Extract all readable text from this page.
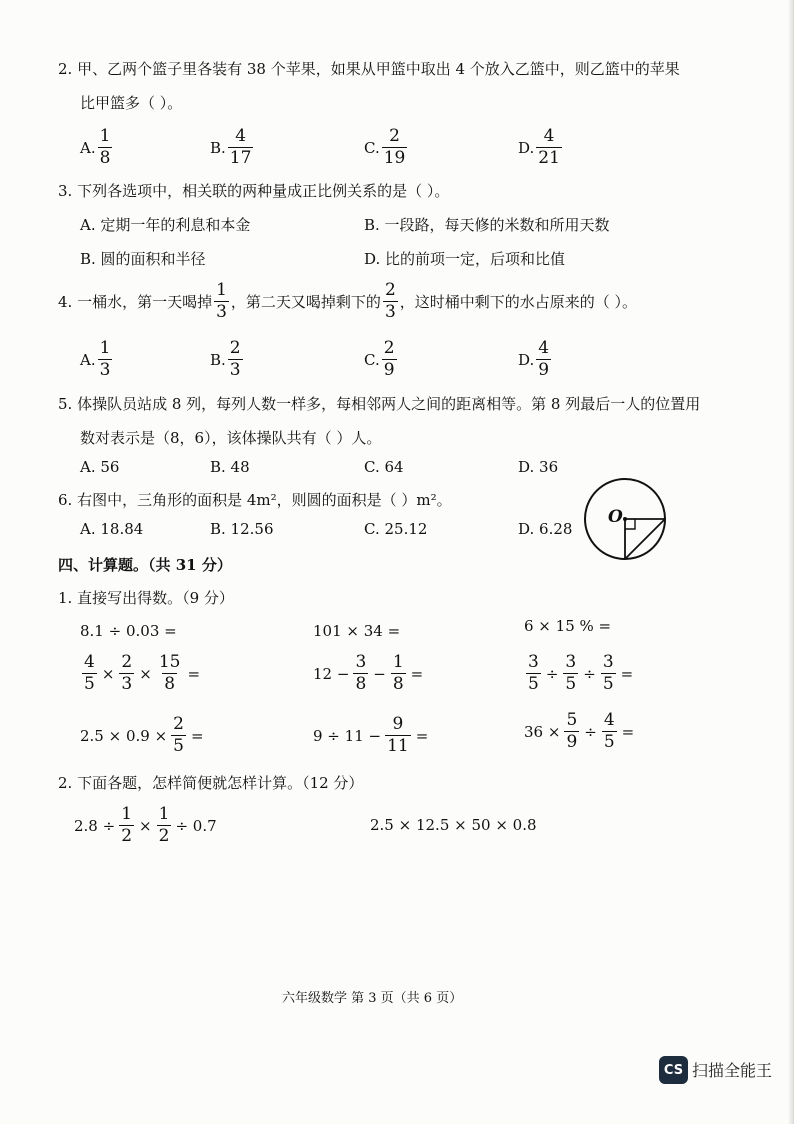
2. 甲、乙两个篮子里各装有 38 个苹果，如果从甲篮中取出 4 个放入乙篮中，则乙篮中的苹果
比甲篮多（ ）。
A. $\frac{1}{8}$	B. $\frac{4}{17}$	C. $\frac{2}{19}$	D. $\frac{4}{21}$
3. 下列各选项中，相关联的两种量成正比例关系的是（ ）。
A. 定期一年的利息和本金	B. 一段路，每天修的米数和所用天数
B. 圆的面积和半径	D. 比的前项一定，后项和比值
4. 一桶水，第一天喝掉 $\frac{1}{3}$ ，第二天又喝掉剩下的 $\frac{2}{3}$ ，这时桶中剩下的水占原来的（ ）。
A. $\frac{1}{3}$	B. $\frac{2}{3}$	C. $\frac{2}{9}$	D. $\frac{4}{9}$
5. 体操队员站成 8 列，每列人数一样多，每相邻两人之间的距离相等。第 8 列最后一人的位置用
数对表示是（8，6），该体操队共有（ ）人。
A. 56	B. 48	C. 64	D. 36
6. 右图中，三角形的面积是 4m²，则圆的面积是（ ）m²。
A. 18.84	B. 12.56	C. 25.12	D. 6.28
O
四、计算题。（共 31 分）
1. 直接写出得数。（9 分）
8.1 ÷ 0.03 =	101 × 34 =	6 × 15 % =
$\frac{4}{5} \times \frac{2}{3} \times \frac{15}{8}$ =	$12 - \frac{3}{8} - \frac{1}{8}$ =	$\frac{3}{5} \div \frac{3}{5} \div \frac{3}{5}$ =
$2.5 \times 0.9 \times \frac{2}{5}$ =	$9 \div 11 - \frac{9}{11}$ =	$36 \times \frac{5}{9} \div \frac{4}{5}$ =
2. 下面各题，怎样简便就怎样计算。（12 分）
$2.8 \div \frac{1}{2} \times \frac{1}{2} \div 0.7$	2.5 × 12.5 × 50 × 0.8
六年级数学 第 3 页（共 6 页）
CS 扫描全能王
